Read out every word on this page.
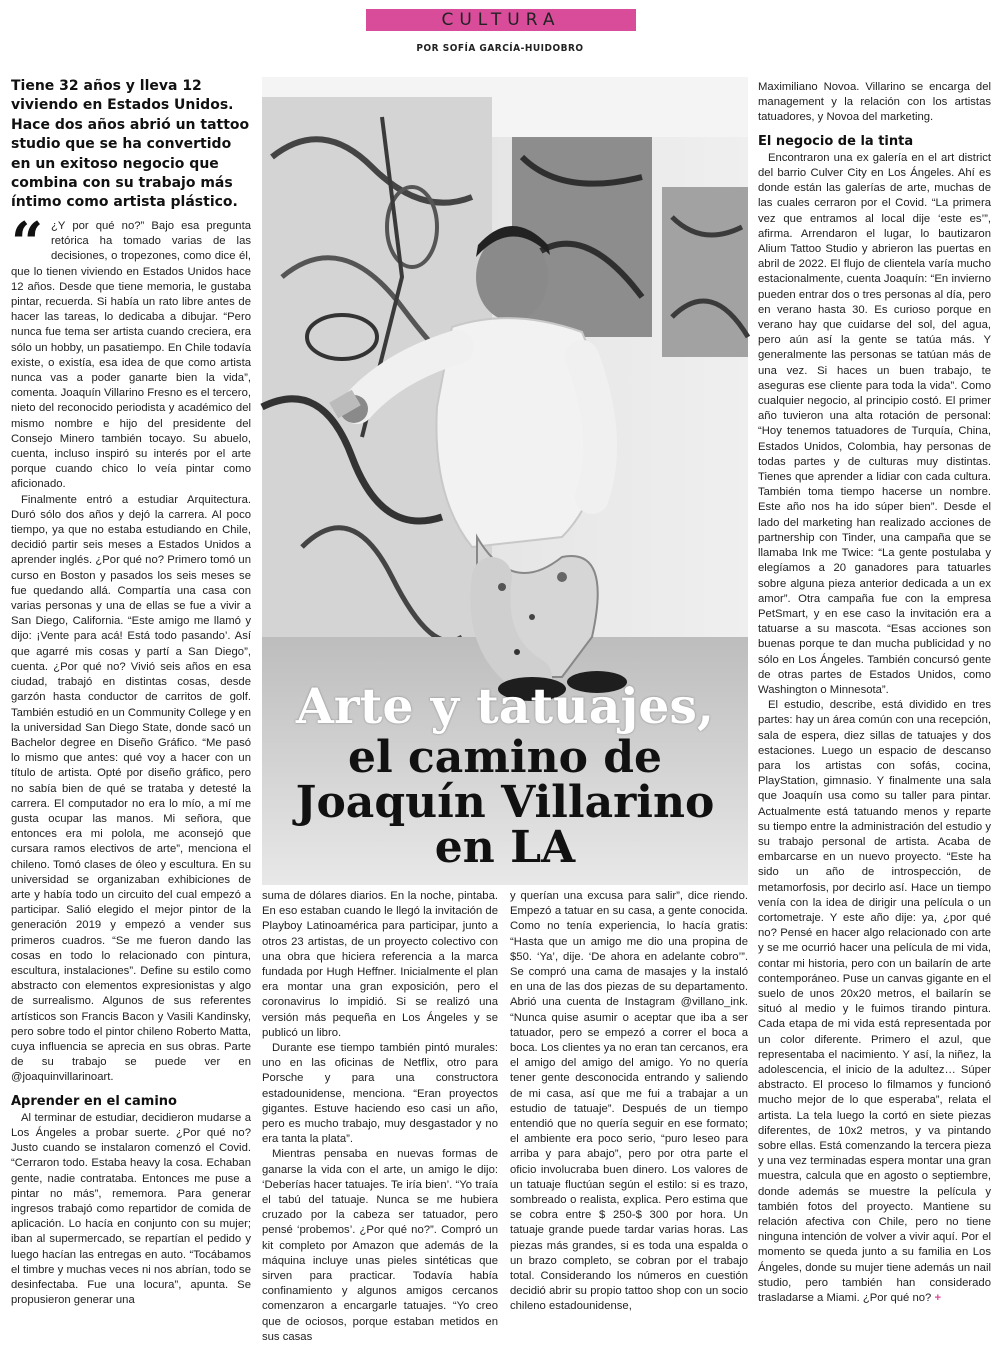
CULTURA
POR SOFÍA GARCÍA-HUIDOBRO
Tiene 32 años y lleva 12 viviendo en Estados Unidos. Hace dos años abrió un tattoo studio que se ha convertido en un exitoso negocio que combina con su trabajo más íntimo como artista plástico.
Arte y tatuajes,
el camino de
Joaquín Villarino
en LA
“ ¿Y por qué no?” Bajo esa pregunta retórica ha tomado varias de las decisiones, o tropezones, como dice él, que lo tienen viviendo en Estados Unidos hace 12 años. Desde que tiene memoria, le gustaba pintar, recuerda. Si había un rato libre antes de hacer las tareas, lo dedicaba a dibujar. “Pero nunca fue tema ser artista cuando creciera, era sólo un hobby, un pasatiempo. En Chile todavía existe, o existía, esa idea de que como artista nunca vas a poder ganarte bien la vida”, comenta. Joaquín Villarino Fresno es el tercero, nieto del reconocido periodista y académico del mismo nombre e hijo del presidente del Consejo Minero también tocayo. Su abuelo, cuenta, incluso inspiró su interés por el arte porque cuando chico lo veía pintar como aficionado.

Finalmente entró a estudiar Arquitectura. Duró sólo dos años y dejó la carrera. Al poco tiempo, ya que no estaba estudiando en Chile, decidió partir seis meses a Estados Unidos a aprender inglés. ¿Por qué no? Primero tomó un curso en Boston y pasados los seis meses se fue quedando allá. Compartía una casa con varias personas y una de ellas se fue a vivir a San Diego, California. “Este amigo me llamó y dijo: ¡Vente para acá! Está todo pasando’. Así que agarré mis cosas y partí a San Diego”, cuenta. ¿Por qué no? Vivió seis años en esa ciudad, trabajó en distintas cosas, desde garzón hasta conductor de carritos de golf. También estudió en un Community College y en la universidad San Diego State, donde sacó un Bachelor degree en Diseño Gráfico. “Me pasó lo mismo que antes: qué voy a hacer con un título de artista. Opté por diseño gráfico, pero no sabía bien de qué se trataba y detesté la carrera. El computador no era lo mío, a mí me gusta ocupar las manos. Mi señora, que entonces era mi polola, me aconsejó que cursara ramos electivos de arte”, menciona el chileno. Tomó clases de óleo y escultura. En su universidad se organizaban exhibiciones de arte y había todo un circuito del cual empezó a participar. Salió elegido el mejor pintor de la generación 2019 y empezó a vender sus primeros cuadros. “Se me fueron dando las cosas en todo lo relacionado con pintura, escultura, instalaciones”. Define su estilo como abstracto con elementos expresionistas y algo de surrealismo. Algunos de sus referentes artísticos son Francis Bacon y Vasili Kandinsky, pero sobre todo el pintor chileno Roberto Matta, cuya influencia se aprecia en sus obras. Parte de su trabajo se puede ver en @joaquinvillarinoart.

Aprender en el camino

Al terminar de estudiar, decidieron mudarse a Los Ángeles a probar suerte. ¿Por qué no? Justo cuando se instalaron comenzó el Covid. “Cerraron todo. Estaba heavy la cosa. Echaban gente, nadie contrataba. Entonces me puse a pintar no más”, rememora. Para generar ingresos trabajó como repartidor de comida de aplicación. Lo hacía en conjunto con su mujer; iban al supermercado, se repartían el pedido y luego hacían las entregas en auto. “Tocábamos el timbre y muchas veces ni nos abrían, todo se desinfectaba. Fue una locura”, apunta. Se propusieron generar una

suma de dólares diarios. En la noche, pintaba. En eso estaban cuando le llegó la invitación de Playboy Latinoamérica para participar, junto a otros 23 artistas, de un proyecto colectivo con una obra que hiciera referencia a la marca fundada por Hugh Heffner. Inicialmente el plan era montar una gran exposición, pero el coronavirus lo impidió. Si se realizó una versión más pequeña en Los Ángeles y se publicó un libro.

Durante ese tiempo también pintó murales: uno en las oficinas de Netflix, otro para Porsche y para una constructora estadounidense, menciona. “Eran proyectos gigantes. Estuve haciendo eso casi un año, pero es mucho trabajo, muy desgastador y no era tanta la plata”.

Mientras pensaba en nuevas formas de ganarse la vida con el arte, un amigo le dijo: ‘Deberías hacer tatuajes. Te iría bien’. “Yo traía el tabú del tatuaje. Nunca se me hubiera cruzado por la cabeza ser tatuador, pero pensé ‘probemos’. ¿Por qué no?”. Compró un kit completo por Amazon que además de la máquina incluye unas pieles sintéticas que sirven para practicar. Todavía había confinamiento y algunos amigos cercanos comenzaron a encargarle tatuajes. “Yo creo que de ociosos, porque estaban metidos en sus casas

y querían una excusa para salir”, dice riendo. Empezó a tatuar en su casa, a gente conocida. Como no tenía experiencia, lo hacía gratis: “Hasta que un amigo me dio una propina de $50. ‘Ya’, dije. ‘De ahora en adelante cobro’”. Se compró una cama de masajes y la instaló en una de las dos piezas de su departamento. Abrió una cuenta de Instagram @villano_ink. “Nunca quise asumir o aceptar que iba a ser tatuador, pero se empezó a correr el boca a boca. Los clientes ya no eran tan cercanos, era el amigo del amigo del amigo. Yo no quería tener gente desconocida entrando y saliendo de mi casa, así que me fui a trabajar a un estudio de tatuaje”. Después de un tiempo entendió que no quería seguir en ese formato; el ambiente era poco serio, “puro leseo para arriba y para abajo”, pero por otra parte el oficio involucraba buen dinero. Los valores de un tatuaje fluctúan según el estilo: si es trazo, sombreado o realista, explica. Pero estima que se cobra entre $ 250-$ 300 por hora. Un tatuaje grande puede tardar varias horas. Las piezas más grandes, si es toda una espalda o un brazo completo, se cobran por el trabajo total. Considerando los números en cuestión decidió abrir su propio tattoo shop con un socio chileno estadounidense,

Maximiliano Novoa. Villarino se encarga del management y la relación con los artistas tatuadores, y Novoa del marketing.

El negocio de la tinta

Encontraron una ex galería en el art district del barrio Culver City en Los Ángeles. Ahí es donde están las galerías de arte, muchas de las cuales cerraron por el Covid. “La primera vez que entramos al local dije ‘este es’”, afirma. Arrendaron el lugar, lo bautizaron Alium Tattoo Studio y abrieron las puertas en abril de 2022. El flujo de clientela varía mucho estacionalmente, cuenta Joaquín: “En invierno pueden entrar dos o tres personas al día, pero en verano hasta 30. Es curioso porque en verano hay que cuidarse del sol, del agua, pero aún así la gente se tatúa más. Y generalmente las personas se tatúan más de una vez. Si haces un buen trabajo, te aseguras ese cliente para toda la vida”. Como cualquier negocio, al principio costó. El primer año tuvieron una alta rotación de personal: “Hoy tenemos tatuadores de Turquía, China, Estados Unidos, Colombia, hay personas de todas partes y de culturas muy distintas. Tienes que aprender a lidiar con cada cultura. También toma tiempo hacerse un nombre. Este año nos ha ido súper bien”. Desde el lado del marketing han realizado acciones de partnership con Tinder, una campaña que se llamaba Ink me Twice: “La gente postulaba y elegíamos a 20 ganadores para tatuarles sobre alguna pieza anterior dedicada a un ex amor”. Otra campaña fue con la empresa PetSmart, y en ese caso la invitación era a tatuarse a su mascota. “Esas acciones son buenas porque te dan mucha publicidad y no sólo en Los Ángeles. También concursó gente de otras partes de Estados Unidos, como Washington o Minnesota”.

El estudio, describe, está dividido en tres partes: hay un área común con una recepción, sala de espera, diez sillas de tatuajes y dos estaciones. Luego un espacio de descanso para los artistas con sofás, cocina, PlayStation, gimnasio. Y finalmente una sala que Joaquín usa como su taller para pintar. Actualmente está tatuando menos y reparte su tiempo entre la administración del estudio y su trabajo personal de artista. Acaba de embarcarse en un nuevo proyecto. “Este ha sido un año de introspección, de metamorfosis, por decirlo así. Hace un tiempo venía con la idea de dirigir una película o un cortometraje. Y este año dije: ya, ¿por qué no? Pensé en hacer algo relacionado con arte y se me ocurrió hacer una película de mi vida, contar mi historia, pero con un bailarín de arte contemporáneo. Puse un canvas gigante en el suelo de unos 20x20 metros, el bailarín se situó al medio y le fuimos tirando pintura. Cada etapa de mi vida está representada por un color diferente. Primero el azul, que representaba el nacimiento. Y así, la niñez, la adolescencia, el inicio de la adultez… Súper abstracto. El proceso lo filmamos y funcionó mucho mejor de lo que esperaba”, relata el artista. La tela luego la cortó en siete piezas diferentes, de 10x2 metros, y va pintando sobre ellas. Está comenzando la tercera pieza y una vez terminadas espera montar una gran muestra, calcula que en agosto o septiembre, donde además se muestre la película y también fotos del proyecto. Mantiene su relación afectiva con Chile, pero no tiene ninguna intención de volver a vivir aquí. Por el momento se queda junto a su familia en Los Ángeles, donde su mujer tiene además un nail studio, pero también han considerado trasladarse a Miami. ¿Por qué no? +
